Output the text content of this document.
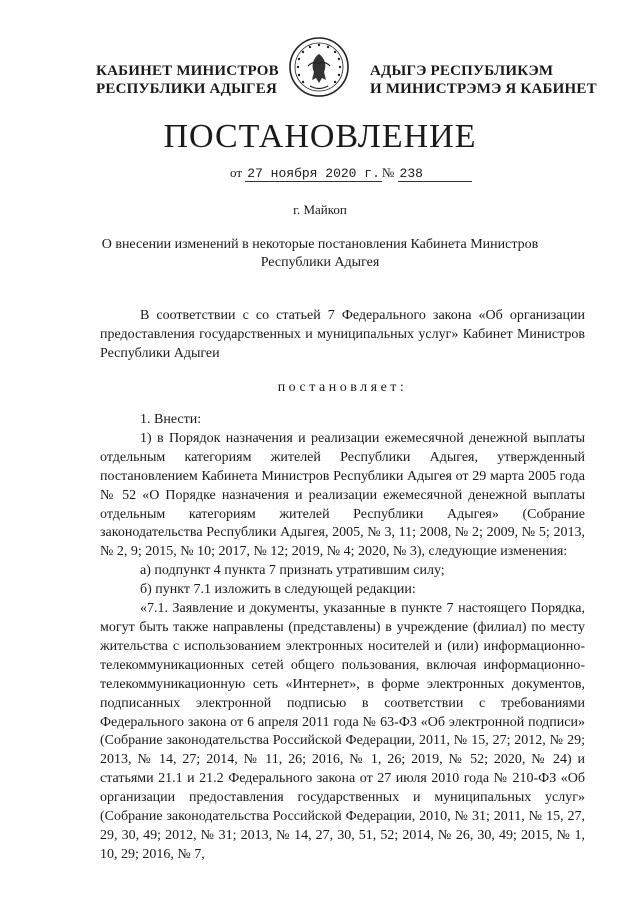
КАБИНЕТ МИНИСТРОВ
РЕСПУБЛИКИ АДЫГЕЯ
АДЫГЭ РЕСПУБЛИКЭМ
И МИНИСТРЭМЭ Я КАБИНЕТ
ПОСТАНОВЛЕНИЕ
от 27 ноября 2020 г. № 238
г. Майкоп
О внесении изменений в некоторые постановления Кабинета Министров Республики Адыгея

В соответствии с со статьей 7 Федерального закона «Об организации предоставления государственных и муниципальных услуг» Кабинет Министров Республики Адыгеи

постановляет:

1. Внести:

1) в Порядок назначения и реализации ежемесячной денежной выплаты отдельным категориям жителей Республики Адыгея, утвержденный постановлением Кабинета Министров Республики Адыгея от 29 марта 2005 года № 52 «О Порядке назначения и реализации ежемесячной денежной выплаты отдельным категориям жителей Республики Адыгея» (Собрание законодательства Республики Адыгея, 2005, № 3, 11; 2008, № 2; 2009, № 5; 2013, № 2, 9; 2015, № 10; 2017, № 12; 2019, № 4; 2020, № 3), следующие изменения:

а) подпункт 4 пункта 7 признать утратившим силу;

б) пункт 7.1 изложить в следующей редакции:

«7.1. Заявление и документы, указанные в пункте 7 настоящего Порядка, могут быть также направлены (представлены) в учреждение (филиал) по месту жительства с использованием электронных носителей и (или) информационно-телекоммуникационных сетей общего пользования, включая информационно-телекоммуникационную сеть «Интернет», в форме электронных документов, подписанных электронной подписью в соответствии с требованиями Федерального закона от 6 апреля 2011 года № 63-ФЗ «Об электронной подписи» (Собрание законодательства Российской Федерации, 2011, № 15, 27; 2012, № 29; 2013, № 14, 27; 2014, № 11, 26; 2016, № 1, 26; 2019, № 52; 2020, № 24) и статьями 21.1 и 21.2 Федерального закона от 27 июля 2010 года № 210-ФЗ «Об организации предоставления государственных и муниципальных услуг» (Собрание законодательства Российской Федерации, 2010, № 31; 2011, № 15, 27, 29, 30, 49; 2012, № 31; 2013, № 14, 27, 30, 51, 52; 2014, № 26, 30, 49; 2015, № 1, 10, 29; 2016, № 7,
